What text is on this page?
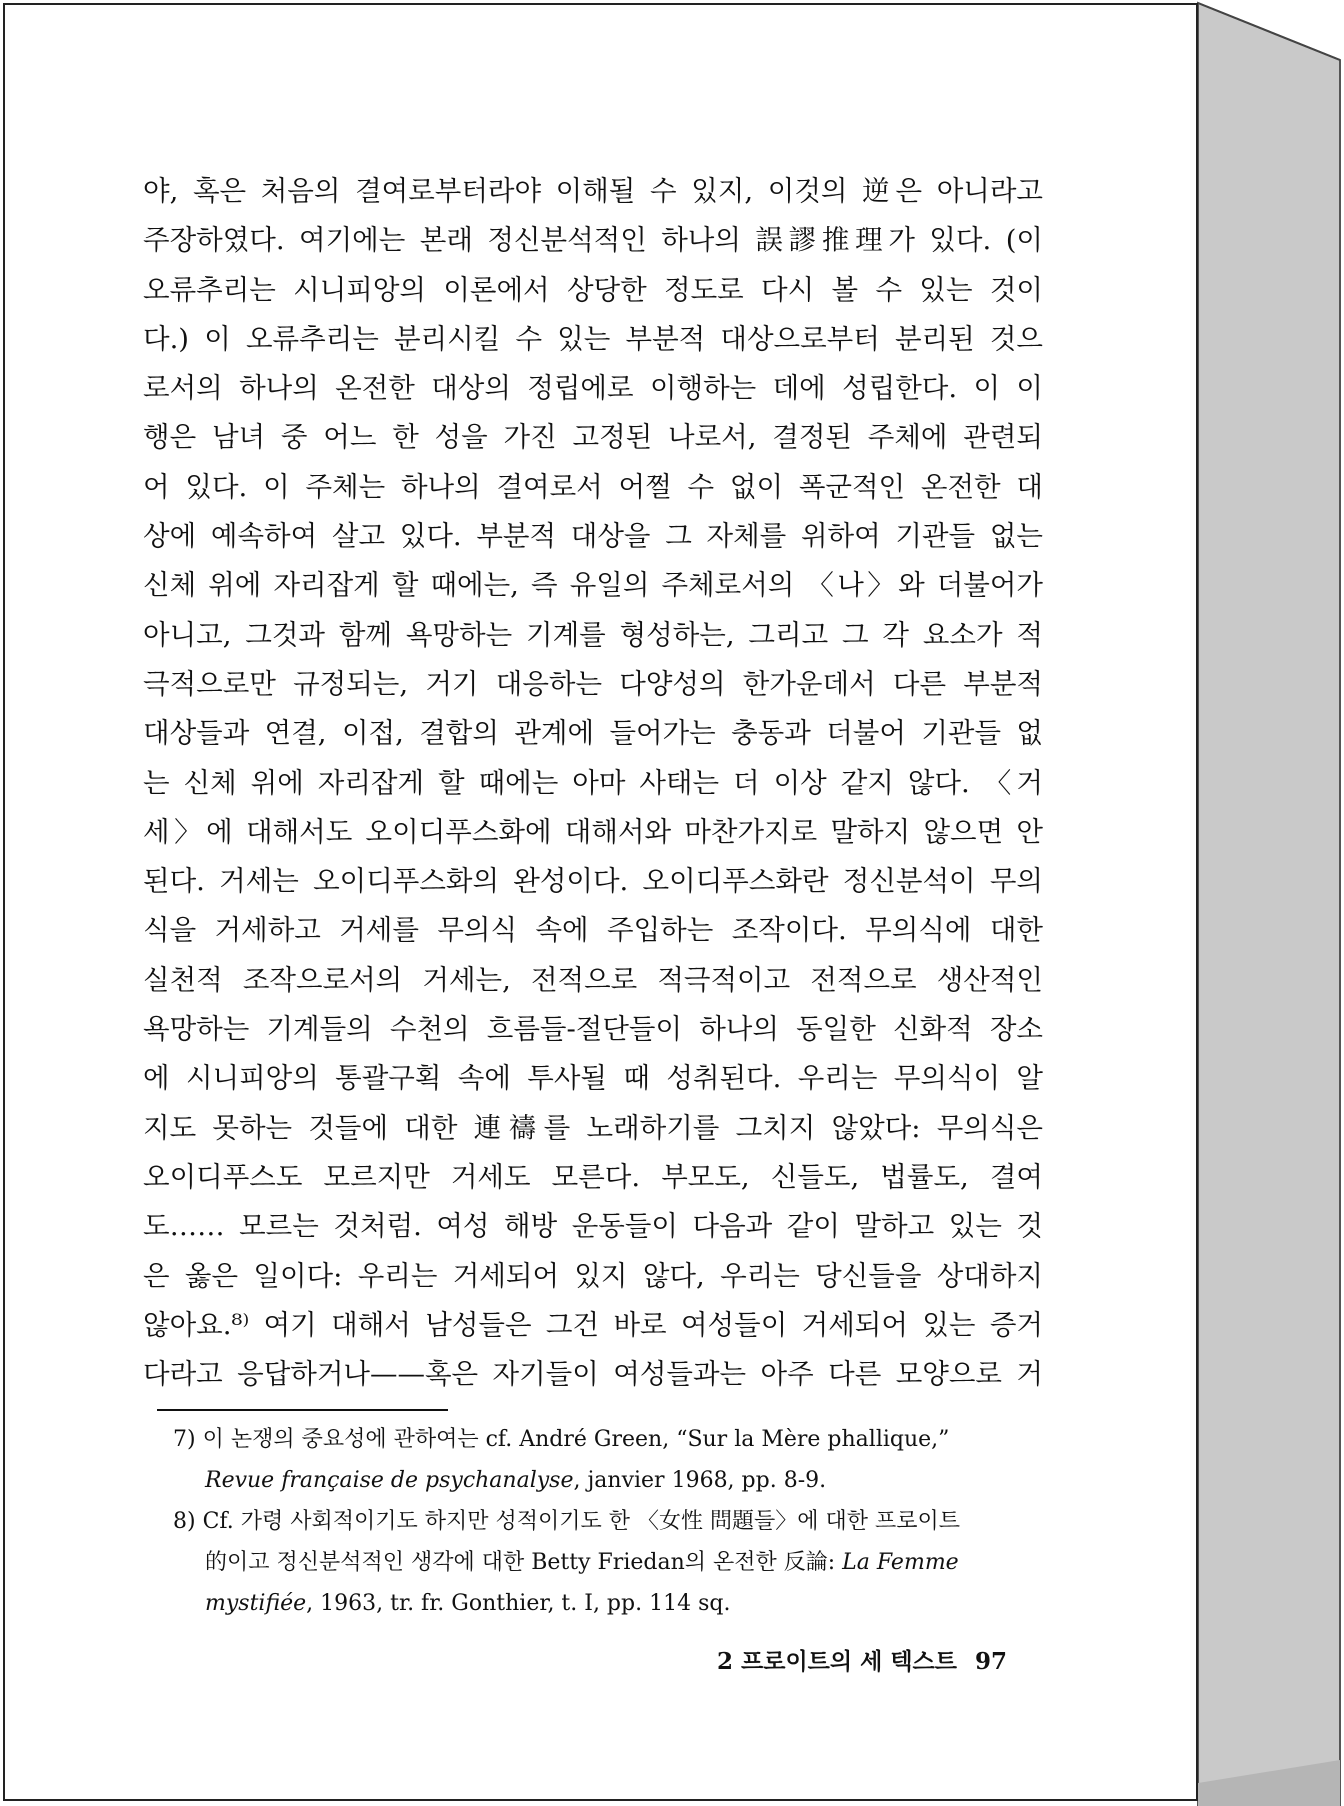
야, 혹은 처음의 결여로부터라야 이해될 수 있지, 이것의 逆은 아니라고
주장하였다. 여기에는 본래 정신분석적인 하나의 誤謬推理가 있다. (이
오류추리는 시니피앙의 이론에서 상당한 정도로 다시 볼 수 있는 것이
다.) 이 오류추리는 분리시킬 수 있는 부분적 대상으로부터 분리된 것으
로서의 하나의 온전한 대상의 정립에로 이행하는 데에 성립한다. 이 이
행은 남녀 중 어느 한 성을 가진 고정된 나로서, 결정된 주체에 관련되
어 있다. 이 주체는 하나의 결여로서 어쩔 수 없이 폭군적인 온전한 대
상에 예속하여 살고 있다. 부분적 대상을 그 자체를 위하여 기관들 없는
신체 위에 자리잡게 할 때에는, 즉 유일의 주체로서의 〈나〉와 더불어가
아니고, 그것과 함께 욕망하는 기계를 형성하는, 그리고 그 각 요소가 적
극적으로만 규정되는, 거기 대응하는 다양성의 한가운데서 다른 부분적
대상들과 연결, 이접, 결합의 관계에 들어가는 충동과 더불어 기관들 없
는 신체 위에 자리잡게 할 때에는 아마 사태는 더 이상 같지 않다. 〈거
세〉에 대해서도 오이디푸스화에 대해서와 마찬가지로 말하지 않으면 안
된다. 거세는 오이디푸스화의 완성이다. 오이디푸스화란 정신분석이 무의
식을 거세하고 거세를 무의식 속에 주입하는 조작이다. 무의식에 대한
실천적 조작으로서의 거세는, 전적으로 적극적이고 전적으로 생산적인
욕망하는 기계들의 수천의 흐름들-절단들이 하나의 동일한 신화적 장소
에 시니피앙의 통괄구획 속에 투사될 때 성취된다. 우리는 무의식이 알
지도 못하는 것들에 대한 連禱를 노래하기를 그치지 않았다: 무의식은
오이디푸스도 모르지만 거세도 모른다. 부모도, 신들도, 법률도, 결여
도…… 모르는 것처럼. 여성 해방 운동들이 다음과 같이 말하고 있는 것
은 옳은 일이다: 우리는 거세되어 있지 않다, 우리는 당신들을 상대하지
않아요.⁸⁾ 여기 대해서 남성들은 그건 바로 여성들이 거세되어 있는 증거
다라고 응답하거나——혹은 자기들이 여성들과는 아주 다른 모양으로 거
7) 이 논쟁의 중요성에 관하여는 cf. André Green, “Sur la Mère phallique,”
Revue française de psychanalyse, janvier 1968, pp. 8-9.
8) Cf. 가령 사회적이기도 하지만 성적이기도 한 〈女性 問題들〉에 대한 프로이트
的이고 정신분석적인 생각에 대한 Betty Friedan의 온전한 反論: La Femme
mystifiée, 1963, tr. fr. Gonthier, t. I, pp. 114 sq.
2 프로이트의 세 텍스트 97
